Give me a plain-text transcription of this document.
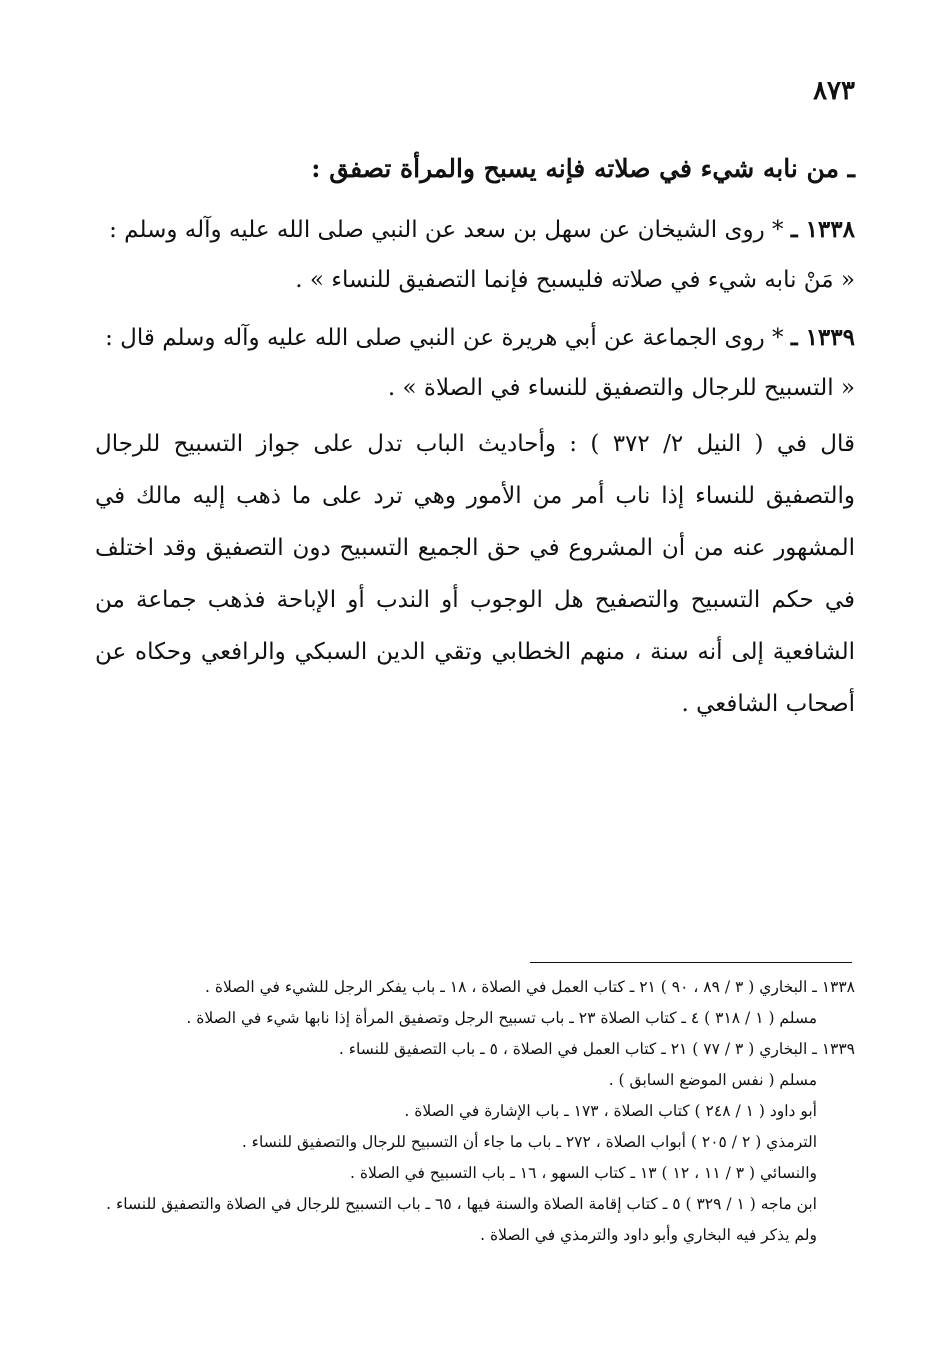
٨٧٣

ـ من نابه شيء في صلاته فإنه يسبح والمرأة تصفق :

١٣٣٨ ـ * روى الشيخان عن سهل بن سعد عن النبي صلى الله عليه وآله وسلم : « مَنْ نابه شيء في صلاته فليسبح فإنما التصفيق للنساء » .

١٣٣٩ ـ * روى الجماعة عن أبي هريرة عن النبي صلى الله عليه وآله وسلم قال : « التسبيح للرجال والتصفيق للنساء في الصلاة » .

قال في ( النيل ٢/ ٣٧٢ ) : وأحاديث الباب تدل على جواز التسبيح للرجال والتصفيق للنساء إذا ناب أمر من الأمور وهي ترد على ما ذهب إليه مالك في المشهور عنه من أن المشروع في حق الجميع التسبيح دون التصفيق وقد اختلف في حكم التسبيح والتصفيح هل الوجوب أو الندب أو الإباحة فذهب جماعة من الشافعية إلى أنه سنة ، منهم الخطابي وتقي الدين السبكي والرافعي وحكاه عن أصحاب الشافعي .

١٣٣٨ ـ البخاري ( ٣ / ٨٩ ، ٩٠ ) ٢١ ـ كتاب العمل في الصلاة ، ١٨ ـ باب يفكر الرجل للشيء في الصلاة .
مسلم ( ١ / ٣١٨ ) ٤ ـ كتاب الصلاة ٢٣ ـ باب تسبيح الرجل وتصفيق المرأة إذا نابها شيء في الصلاة .
١٣٣٩ ـ البخاري ( ٣ / ٧٧ ) ٢١ ـ كتاب العمل في الصلاة ، ٥ ـ باب التصفيق للنساء .
مسلم ( نفس الموضع السابق ) .
أبو داود ( ١ / ٢٤٨ ) كتاب الصلاة ، ١٧٣ ـ باب الإشارة في الصلاة .
الترمذي ( ٢ / ٢٠٥ ) أبواب الصلاة ، ٢٧٢ ـ باب ما جاء أن التسبيح للرجال والتصفيق للنساء .
والنسائي ( ٣ / ١١ ، ١٢ ) ١٣ ـ كتاب السهو ، ١٦ ـ باب التسبيح في الصلاة .
ابن ماجه ( ١ / ٣٢٩ ) ٥ ـ كتاب إقامة الصلاة والسنة فيها ، ٦٥ ـ باب التسبيح للرجال في الصلاة والتصفيق للنساء .
ولم يذكر فيه البخاري وأبو داود والترمذي في الصلاة .
